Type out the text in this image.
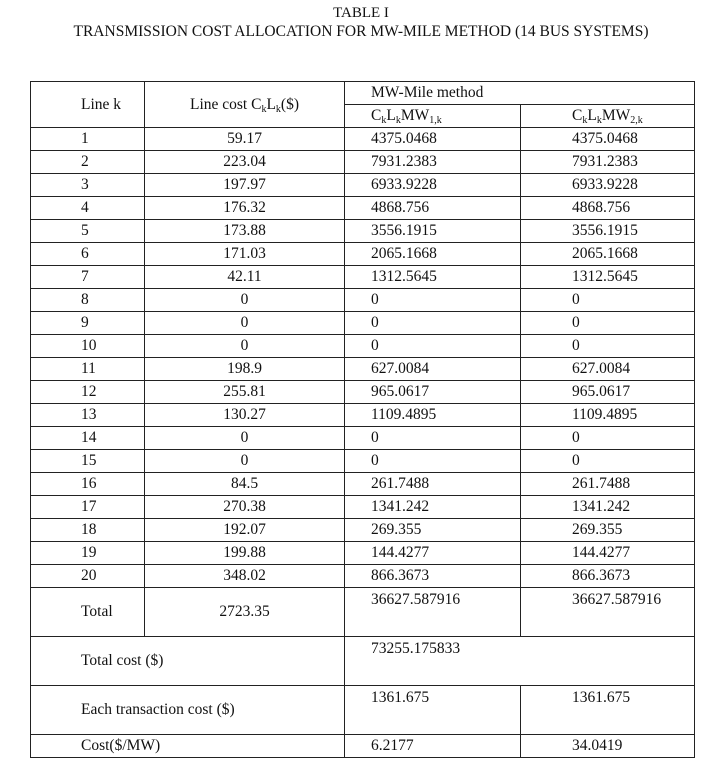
TABLE I
TRANSMISSION COST ALLOCATION FOR MW-MILE METHOD (14 BUS SYSTEMS)
Line k	Line cost $C_kL_k(\$)$	MW-Mile method	
		$C_kL_kMW_{1,k}$	$C_kL_kMW_{2,k}$
1	59.17	4375.0468	4375.0468
2	223.04	7931.2383	7931.2383
3	197.97	6933.9228	6933.9228
4	176.32	4868.756	4868.756
5	173.88	3556.1915	3556.1915
6	171.03	2065.1668	2065.1668
7	42.11	1312.5645	1312.5645
8	0	0	0
9	0	0	0
10	0	0	0
11	198.9	627.0084	627.0084
12	255.81	965.0617	965.0617
13	130.27	1109.4895	1109.4895
14	0	0	0
15	0	0	0
16	84.5	261.7488	261.7488
17	270.38	1341.242	1341.242
18	192.07	269.355	269.355
19	199.88	144.4277	144.4277
20	348.02	866.3673	866.3673
Total	2723.35	36627.587916	36627.587916
Total cost ($)		73255.175833	
Each transaction cost ($)		1361.675	1361.675
Cost($/MW)		6.2177	34.0419
